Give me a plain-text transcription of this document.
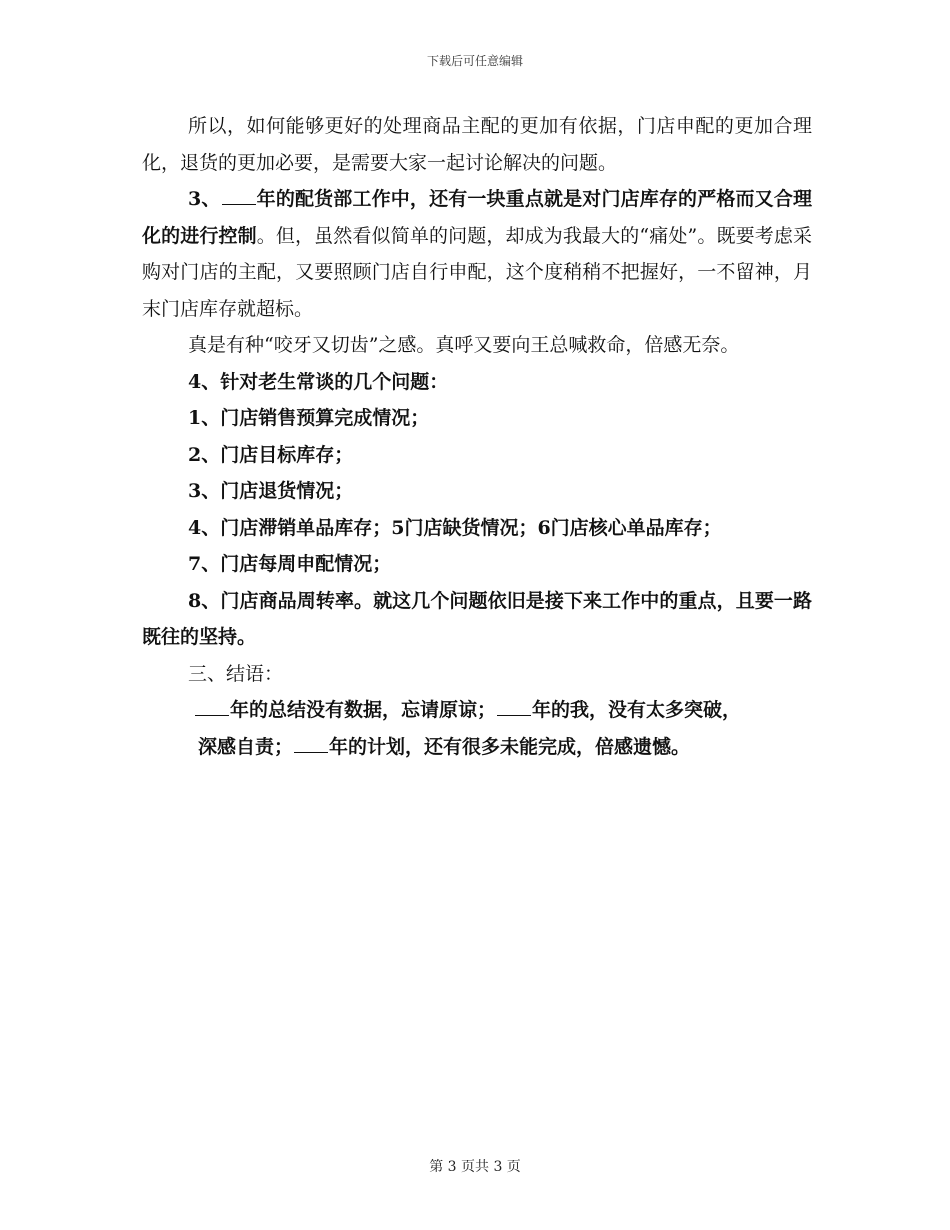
下载后可任意编辑

所以，如何能够更好的处理商品主配的更加有依据，门店申配的更加合理化，退货的更加必要，是需要大家一起讨论解决的问题。

3、 年的配货部工作中，还有一块重点就是对门店库存的严格而又合理化的进行控制。但，虽然看似简单的问题，却成为我最大的“痛处”。既要考虑采购对门店的主配，又要照顾门店自行申配，这个度稍稍不把握好，一不留神，月末门店库存就超标。

真是有种“咬牙又切齿”之感。真呼又要向王总喊救命，倍感无奈。

4、针对老生常谈的几个问题：

1、门店销售预算完成情况；

2、门店目标库存；

3、门店退货情况；

4、门店滞销单品库存；5门店缺货情况；6门店核心单品库存；

7、门店每周申配情况；

8、门店商品周转率。就这几个问题依旧是接下来工作中的重点，且要一路既往的坚持。

三、结语：

年的总结没有数据，忘请原谅； 年的我，没有太多突破，

深感自责； 年的计划，还有很多未能完成，倍感遗憾。

第 3 页共 3 页
